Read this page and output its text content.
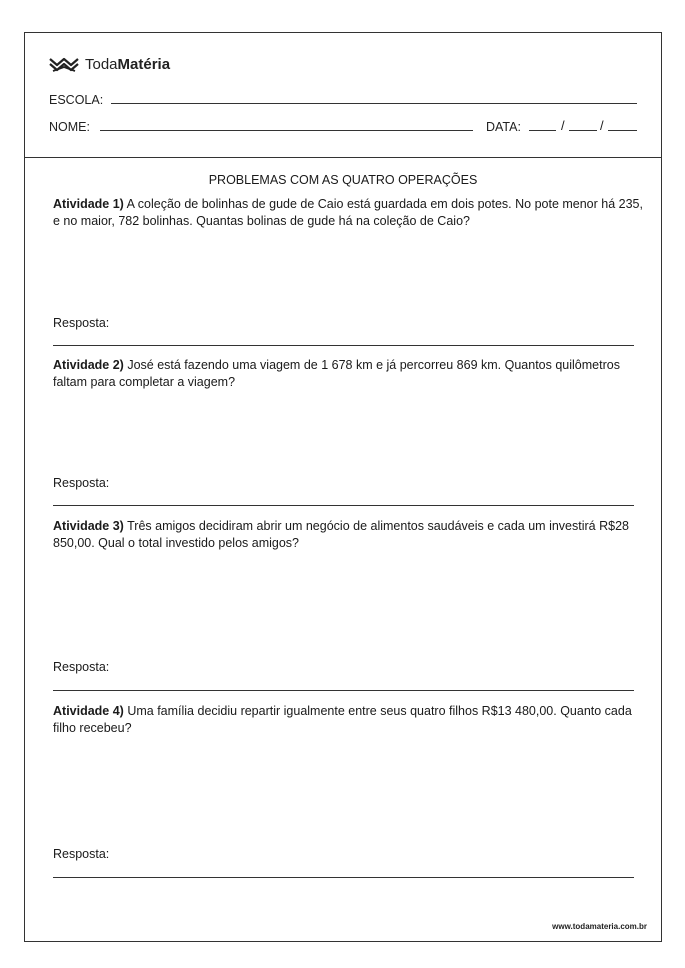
TodaMatéria
ESCOLA:
NOME:	DATA:	/	/
PROBLEMAS COM AS QUATRO OPERAÇÕES
Atividade 1) A coleção de bolinhas de gude de Caio está guardada em dois potes. No pote menor há 235, e no maior, 782 bolinhas. Quantas bolinas de gude há na coleção de Caio?
Resposta:
Atividade 2) José está fazendo uma viagem de 1 678 km e já percorreu 869 km. Quantos quilômetros faltam para completar a viagem?
Resposta:
Atividade 3) Três amigos decidiram abrir um negócio de alimentos saudáveis e cada um investirá R$28 850,00. Qual o total investido pelos amigos?
Resposta:
Atividade 4) Uma família decidiu repartir igualmente entre seus quatro filhos R$13 480,00. Quanto cada filho recebeu?
Resposta:
www.todamateria.com.br
